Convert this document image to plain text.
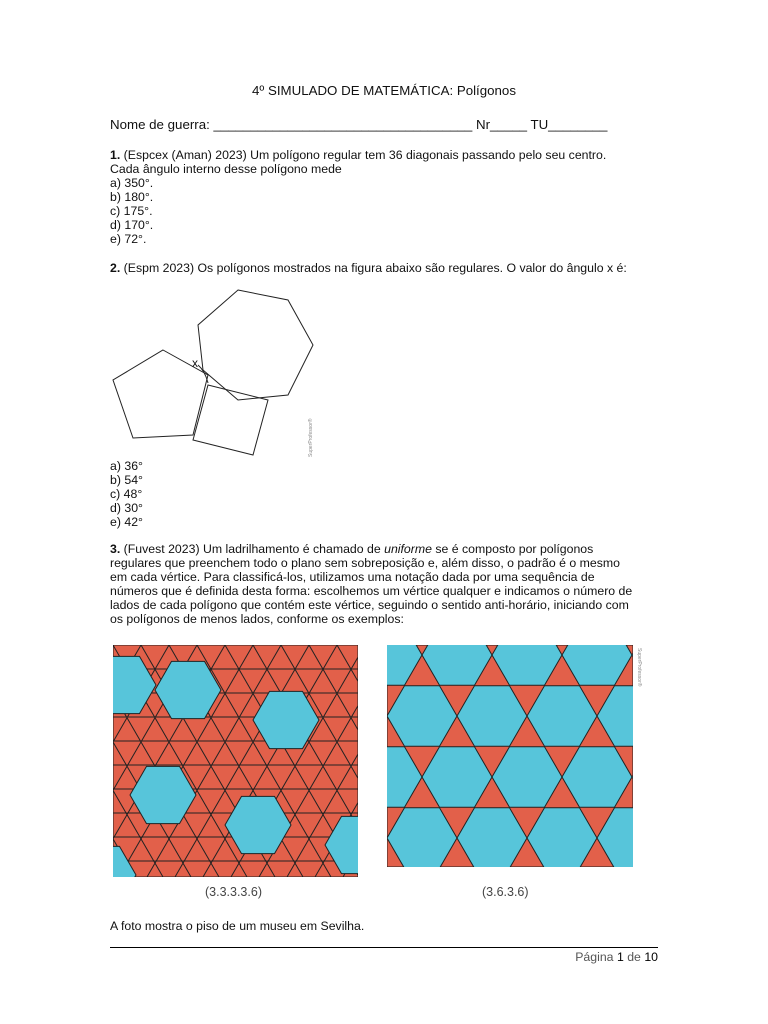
4º SIMULADO DE MATEMÁTICA: Polígonos
Nome de guerra: ___________________________________ Nr_____ TU________
1. (Espcex (Aman) 2023) Um polígono regular tem 36 diagonais passando pelo seu centro.
Cada ângulo interno desse polígono mede
a) 350°.
b) 180°.
c) 175°.
d) 170°.
e) 72°.
2. (Espm 2023) Os polígonos mostrados na figura abaixo são regulares. O valor do ângulo x é:
x
SuperProfessor®
a) 36°
b) 54°
c) 48°
d) 30°
e) 42°
3. (Fuvest 2023) Um ladrilhamento é chamado de uniforme se é composto por polígonos
regulares que preenchem todo o plano sem sobreposição e, além disso, o padrão é o mesmo
em cada vértice. Para classificá-los, utilizamos uma notação dada por uma sequência de
números que é definida desta forma: escolhemos um vértice qualquer e indicamos o número de
lados de cada polígono que contém este vértice, seguindo o sentido anti-horário, iniciando com
os polígonos de menos lados, conforme os exemplos:
SuperProfessor®
(3.3.3.3.6)	(3.6.3.6)
A foto mostra o piso de um museu em Sevilha.
Página 1 de 10
